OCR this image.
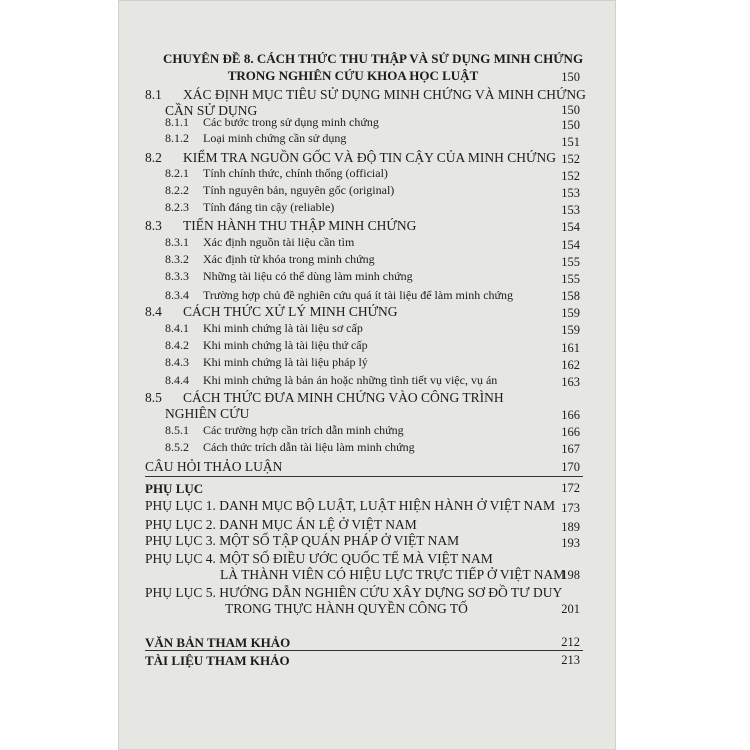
CHUYÊN ĐỀ 8. CÁCH THỨC THU THẬP VÀ SỬ DỤNG MINH CHỨNG
TRONG NGHIÊN CỨU KHOA HỌC LUẬT	150
8.1 XÁC ĐỊNH MỤC TIÊU SỬ DỤNG MINH CHỨNG VÀ MINH CHỨNG
CẦN SỬ DỤNG	150
8.1.1 Các bước trong sử dụng minh chứng	150
8.1.2 Loại minh chứng cần sử dụng	151
8.2 KIỂM TRA NGUỒN GỐC VÀ ĐỘ TIN CẬY CỦA MINH CHỨNG 152
8.2.1 Tính chính thức, chính thống (official)	152
8.2.2 Tính nguyên bản, nguyên gốc (original)	153
8.2.3 Tính đáng tin cậy (reliable)	153
8.3 TIẾN HÀNH THU THẬP MINH CHỨNG	154
8.3.1 Xác định nguồn tài liệu cần tìm	154
8.3.2 Xác định từ khóa trong minh chứng	155
8.3.3 Những tài liệu có thể dùng làm minh chứng	155
8.3.4 Trường hợp chủ đề nghiên cứu quá ít tài liệu để làm minh chứng	158
8.4 CÁCH THỨC XỬ LÝ MINH CHỨNG	159
8.4.1 Khi minh chứng là tài liệu sơ cấp	159
8.4.2 Khi minh chứng là tài liệu thứ cấp	161
8.4.3 Khi minh chứng là tài liệu pháp lý	162
8.4.4 Khi minh chứng là bản án hoặc những tình tiết vụ việc, vụ án	163
8.5 CÁCH THỨC ĐƯA MINH CHỨNG VÀO CÔNG TRÌNH
NGHIÊN CỨU	166
8.5.1 Các trường hợp cần trích dẫn minh chứng	166
8.5.2 Cách thức trích dẫn tài liệu làm minh chứng	167
CÂU HỎI THẢO LUẬN	170
PHỤ LỤC	172
PHỤ LỤC 1. DANH MỤC BỘ LUẬT, LUẬT HIỆN HÀNH Ở VIỆT NAM 173
PHỤ LỤC 2. DANH MỤC ÁN LỆ Ở VIỆT NAM	189
PHỤ LỤC 3. MỘT SỐ TẬP QUÁN PHÁP Ở VIỆT NAM	193
PHỤ LỤC 4. MỘT SỐ ĐIỀU ƯỚC QUỐC TẾ MÀ VIỆT NAM
LÀ THÀNH VIÊN CÓ HIỆU LỰC TRỰC TIẾP Ở VIỆT NAM
198
PHỤ LỤC 5. HƯỚNG DẪN NGHIÊN CỨU XÂY DỰNG SƠ ĐỒ TƯ DUY
TRONG THỰC HÀNH QUYỀN CÔNG TỐ	201
VĂN BẢN THAM KHẢO	212
TÀI LIỆU THAM KHẢO	213
